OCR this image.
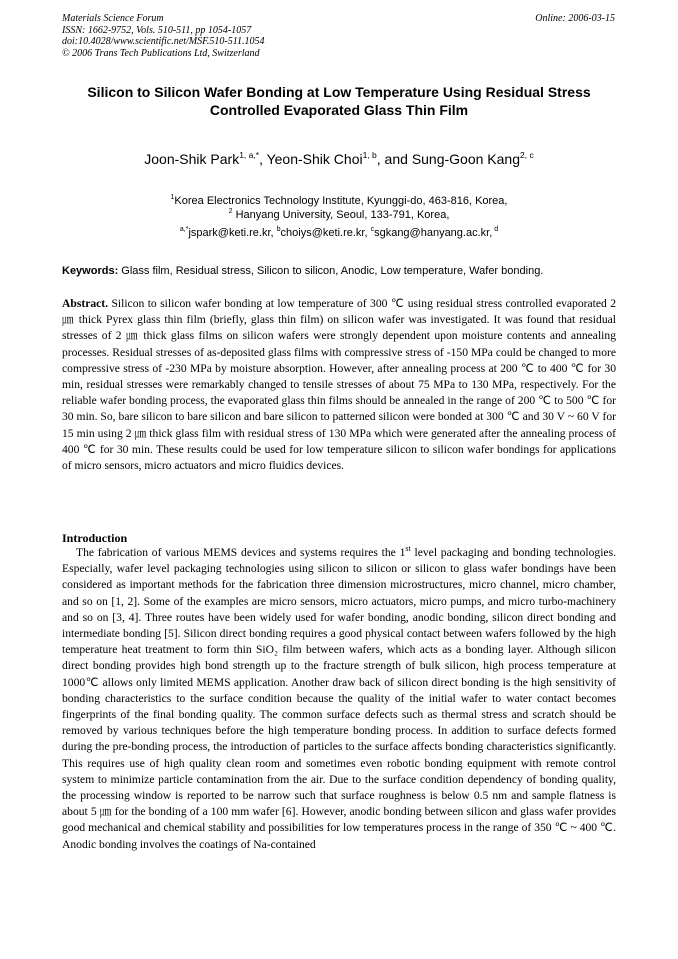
Materials Science Forum
ISSN: 1662-9752, Vols. 510-511, pp 1054-1057
doi:10.4028/www.scientific.net/MSF.510-511.1054
© 2006 Trans Tech Publications Ltd, Switzerland
Online: 2006-03-15
Silicon to Silicon Wafer Bonding at Low Temperature Using Residual Stress Controlled Evaporated Glass Thin Film
Joon-Shik Park$^{1, a,*}$, Yeon-Shik Choi$^{1, b}$, and Sung-Goon Kang$^{2, c}$
$^1$Korea Electronics Technology Institute, Kyunggi-do, 463-816, Korea,
$^2$ Hanyang University, Seoul, 133-791, Korea,
$^{a,*}$jspark@keti.re.kr, $^b$choiys@keti.re.kr, $^c$sgkang@hanyang.ac.kr, $^d$
Keywords: Glass film, Residual stress, Silicon to silicon, Anodic, Low temperature, Wafer bonding.
Abstract. Silicon to silicon wafer bonding at low temperature of 300 ℃ using residual stress controlled evaporated 2 ㎛ thick Pyrex glass thin film (briefly, glass thin film) on silicon wafer was investigated. It was found that residual stresses of 2 ㎛ thick glass films on silicon wafers were strongly dependent upon moisture contents and annealing processes. Residual stresses of as-deposited glass films with compressive stress of -150 MPa could be changed to more compressive stress of -230 MPa by moisture absorption. However, after annealing process at 200 ℃ to 400 ℃ for 30 min, residual stresses were remarkably changed to tensile stresses of about 75 MPa to 130 MPa, respectively. For the reliable wafer bonding process, the evaporated glass thin films should be annealed in the range of 200 ℃ to 500 ℃ for 30 min. So, bare silicon to bare silicon and bare silicon to patterned silicon were bonded at 300 ℃ and 30 V ~ 60 V for 15 min using 2 ㎛ thick glass film with residual stress of 130 MPa which were generated after the annealing process of 400 ℃ for 30 min. These results could be used for low temperature silicon to silicon wafer bondings for applications of micro sensors, micro actuators and micro fluidics devices.
Introduction
The fabrication of various MEMS devices and systems requires the 1st level packaging and bonding technologies. Especially, wafer level packaging technologies using silicon to silicon or silicon to glass wafer bondings have been considered as important methods for the fabrication three dimension microstructures, micro channel, micro chamber, and so on [1, 2]. Some of the examples are micro sensors, micro actuators, micro pumps, and micro turbo-machinery and so on [3, 4]. Three routes have been widely used for wafer bonding, anodic bonding, silicon direct bonding and intermediate bonding [5]. Silicon direct bonding requires a good physical contact between wafers followed by the high temperature heat treatment to form thin SiO₂ film between wafers, which acts as a bonding layer. Although silicon direct bonding provides high bond strength up to the fracture strength of bulk silicon, high process temperature at 1000℃ allows only limited MEMS application. Another draw back of silicon direct bonding is the high sensitivity of bonding characteristics to the surface condition because the quality of the initial wafer to water contact becomes fingerprints of the final bonding quality. The common surface defects such as thermal stress and scratch should be removed by various techniques before the high temperature bonding process. In addition to surface defects formed during the pre-bonding process, the introduction of particles to the surface affects bonding characteristics significantly. This requires use of high quality clean room and sometimes even robotic bonding equipment with remote control system to minimize particle contamination from the air. Due to the surface condition dependency of bonding quality, the processing window is reported to be narrow such that surface roughness is below 0.5 nm and sample flatness is about 5 ㎛ for the bonding of a 100 mm wafer [6]. However, anodic bonding between silicon and glass wafer provides good mechanical and chemical stability and possibilities for low temperatures process in the range of 350 ℃ ~ 400 ℃. Anodic bonding involves the coatings of Na-contained
